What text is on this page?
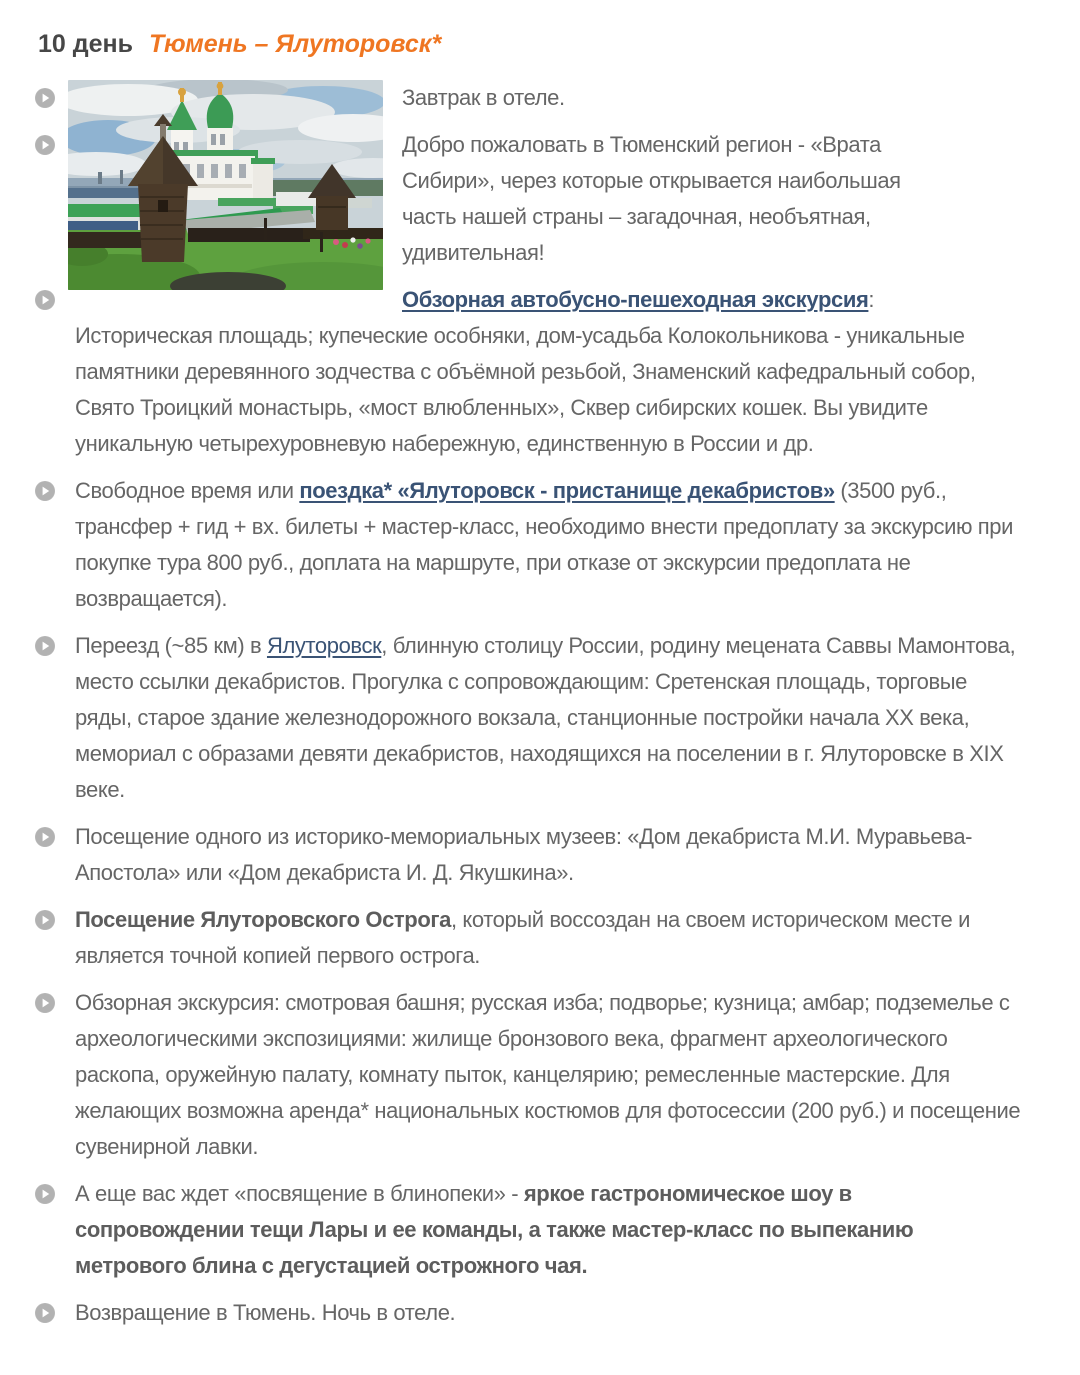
10 день Тюмень – Ялуторовск*
Завтрак в отеле.
Добро пожаловать в Тюменский регион - «Врата Сибири», через которые открывается наибольшая часть нашей страны – загадочная, необъятная, удивительная!
Обзорная автобусно-пешеходная экскурсия:
Историческая площадь; купеческие особняки, дом-усадьба Колокольникова - уникальные памятники деревянного зодчества с объёмной резьбой, Знаменский кафедральный собор, Свято Троицкий монастырь, «мост влюбленных», Сквер сибирских кошек. Вы увидите уникальную четырехуровневую набережную, единственную в России и др.
Свободное время или поездка* «Ялуторовск - пристанище декабристов» (3500 руб., трансфер + гид + вх. билеты + мастер-класс, необходимо внести предоплату за экскурсию при покупке тура 800 руб., доплата на маршруте, при отказе от экскурсии предоплата не возвращается).
Переезд (~85 км) в Ялуторовск, блинную столицу России, родину мецената Саввы Мамонтова, место ссылки декабристов. Прогулка с сопровождающим: Сретенская площадь, торговые ряды, старое здание железнодорожного вокзала, станционные постройки начала XX века, мемориал с образами девяти декабристов, находящихся на поселении в г. Ялуторовске в XIX веке.
Посещение одного из историко-мемориальных музеев: «Дом декабриста М.И. Муравьева-Апостола» или «Дом декабриста И. Д. Якушкина».
Посещение Ялуторовского Острога, который воссоздан на своем историческом месте и является точной копией первого острога.
Обзорная экскурсия: смотровая башня; русская изба; подворье; кузница; амбар; подземелье с археологическими экспозициями: жилище бронзового века, фрагмент археологического раскопа, оружейную палату, комнату пыток, канцелярию; ремесленные мастерские. Для желающих возможна аренда* национальных костюмов для фотосессии (200 руб.) и посещение сувенирной лавки.
А еще вас ждет «посвящение в блинопеки» - яркое гастрономическое шоу в сопровождении тещи Лары и ее команды, а также мастер-класс по выпеканию метрового блина с дегустацией острожного чая.
Возвращение в Тюмень. Ночь в отеле.
